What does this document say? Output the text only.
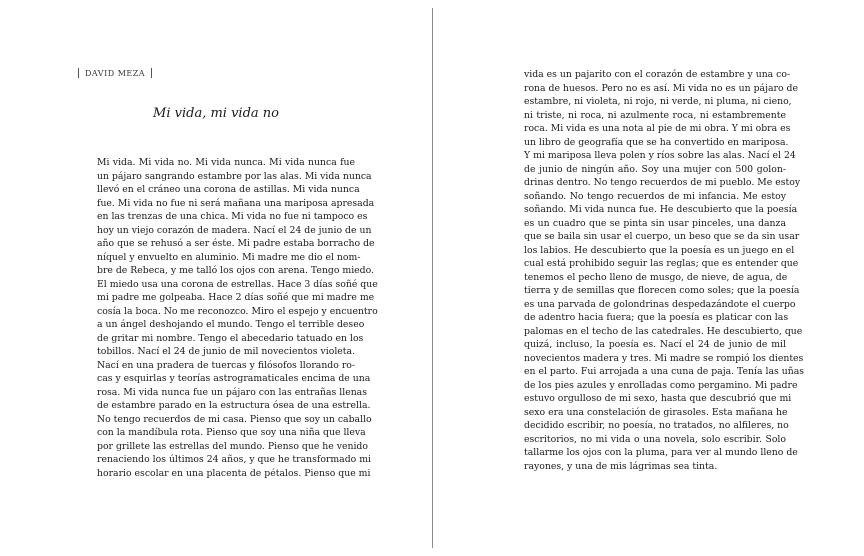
DAVID MEZA
Mi vida, mi vida no
Mi vida. Mi vida no. Mi vida nunca. Mi vida nunca fue
un pájaro sangrando estambre por las alas. Mi vida nunca
llevó en el cráneo una corona de astillas. Mi vida nunca
fue. Mi vida no fue ni será mañana una mariposa apresada
en las trenzas de una chica. Mi vida no fue ni tampoco es
hoy un viejo corazón de madera. Nací el 24 de junio de un
año que se rehusó a ser éste. Mi padre estaba borracho de
níquel y envuelto en aluminio. Mi madre me dio el nom-
bre de Rebeca, y me talló los ojos con arena. Tengo miedo.
El miedo usa una corona de estrellas. Hace 3 días soñé que
mi padre me golpeaba. Hace 2 días soñé que mi madre me
cosía la boca. No me reconozco. Miro el espejo y encuentro
a un ángel deshojando el mundo. Tengo el terrible deseo
de gritar mi nombre. Tengo el abecedario tatuado en los
tobillos. Nací el 24 de junio de mil novecientos violeta.
Nací en una pradera de tuercas y filósofos llorando ro-
cas y esquirlas y teorías astrogramaticales encima de una
rosa. Mi vida nunca fue un pájaro con las entrañas llenas
de estambre parado en la estructura ósea de una estrella.
No tengo recuerdos de mi casa. Pienso que soy un caballo
con la mandíbula rota. Pienso que soy una niña que lleva
por grillete las estrellas del mundo. Pienso que he venido
renaciendo los últimos 24 años, y que he transformado mi
horario escolar en una placenta de pétalos. Pienso que mi
vida es un pajarito con el corazón de estambre y una co-
rona de huesos. Pero no es así. Mi vida no es un pájaro de
estambre, ni violeta, ni rojo, ni verde, ni pluma, ni cieno,
ni triste, ni roca, ni azulmente roca, ni estambremente
roca. Mi vida es una nota al pie de mi obra. Y mi obra es
un libro de geografía que se ha convertido en mariposa.
Y mi mariposa lleva polen y ríos sobre las alas. Nací el 24
de junio de ningún año. Soy una mujer con 500 golon-
drinas dentro. No tengo recuerdos de mi pueblo. Me estoy
soñando. No tengo recuerdos de mi infancia. Me estoy
soñando. Mi vida nunca fue. He descubierto que la poesía
es un cuadro que se pinta sin usar pinceles, una danza
que se baila sin usar el cuerpo, un beso que se da sin usar
los labios. He descubierto que la poesía es un juego en el
cual está prohibido seguir las reglas; que es entender que
tenemos el pecho lleno de musgo, de nieve, de agua, de
tierra y de semillas que florecen como soles; que la poesía
es una parvada de golondrinas despedazándote el cuerpo
de adentro hacia fuera; que la poesía es platicar con las
palomas en el techo de las catedrales. He descubierto, que
quizá, incluso, la poesía es. Nací el 24 de junio de mil
novecientos madera y tres. Mi madre se rompió los dientes
en el parto. Fui arrojada a una cuna de paja. Tenía las uñas
de los pies azules y enrolladas como pergamino. Mi padre
estuvo orgulloso de mi sexo, hasta que descubrió que mi
sexo era una constelación de girasoles. Esta mañana he
decidido escribir, no poesía, no tratados, no alfileres, no
escritorios, no mi vida o una novela, solo escribir. Solo
tallarme los ojos con la pluma, para ver al mundo lleno de
rayones, y una de mis lágrimas sea tinta.
